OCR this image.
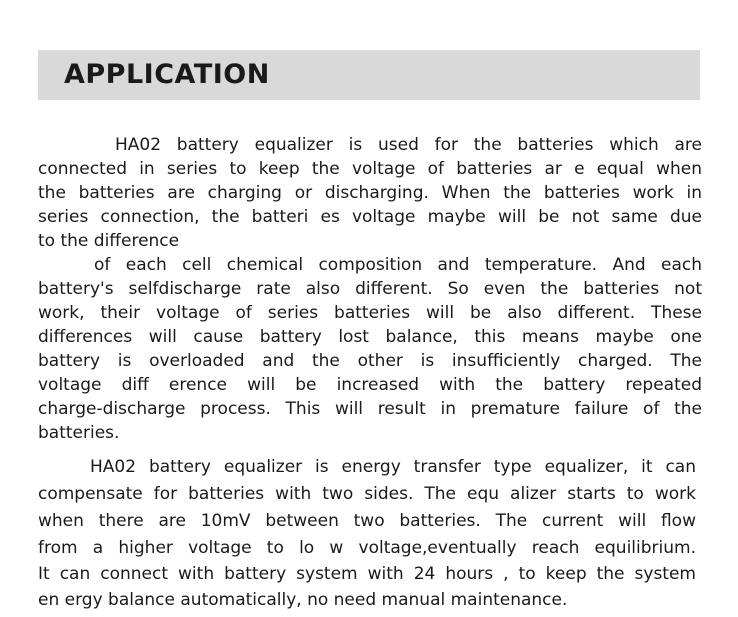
APPLICATION
HA02 battery equalizer is used for the batteries which are
connected in series to keep the voltage of batteries ar e equal when
the batteries are charging or discharging. When the batteries work in
series connection, the batteri es voltage maybe will be not same due
to the difference
of each cell chemical composition and temperature. And each
battery's selfdischarge rate also different. So even the batteries not
work, their voltage of series batteries will be also different. These
differences will cause battery lost balance, this means maybe one
battery is overloaded and the other is insufficiently charged. The
voltage diff erence will be increased with the battery repeated
charge-discharge process. This will result in premature failure of the
batteries.
HA02 battery equalizer is energy transfer type equalizer, it can
compensate for batteries with two sides. The equ alizer starts to work
when there are 10mV between two batteries. The current will flow
from a higher voltage to lo w voltage,eventually reach equilibrium.
It can connect with battery system with 24 hours , to keep the system
en ergy balance automatically, no need manual maintenance.
